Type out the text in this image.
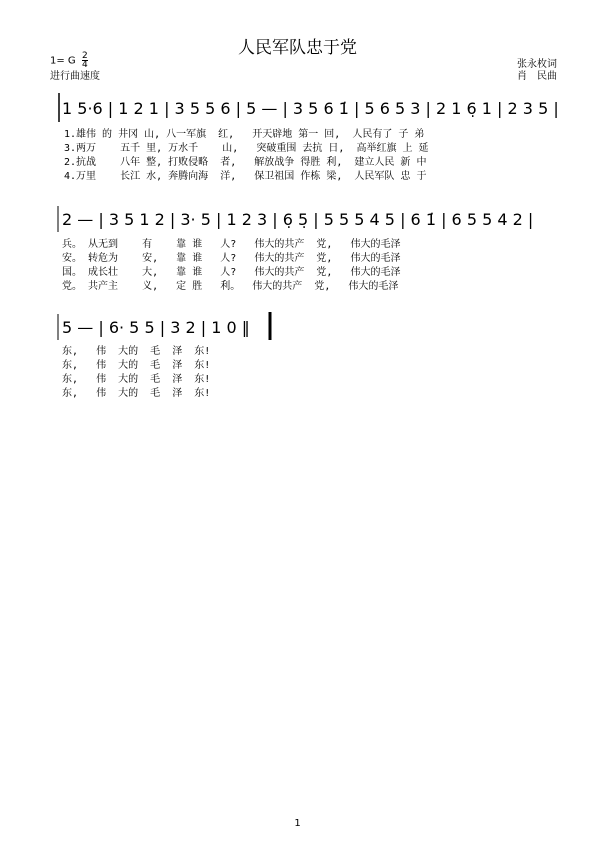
人民军队忠于党
1= G $\frac{2}{4}$
进行曲速度
张永枚词
肖　民曲
1 5·6 | 1 2 1 | 3 5 5 6 | 5 — | 3 5 6 1̇ | 5 6 5 3 | 2 1 6̣ 1 | 2 3 5 |
1.雄伟 的 井冈 山, 八一军旗  红,   开天辟地 第一 回,  人民有了 子 弟
3.两万    五千 里, 万水千    山,   突破重围 去抗 日,  高举红旗 上 延
2.抗战    八年 整, 打败侵略  者,   解放战争 得胜 利,  建立人民 新 中
4.万里    长江 水, 奔腾向海  洋,   保卫祖国 作栋 梁,  人民军队 忠 于
2 — | 3 5 1 2 | 3· 5 | 1 2 3 | 6̣ 5̣ | 5 5 5 4 5 | 6 1̇ | 6 5 5 4 2 |
兵。 从无到    有    靠 谁   人?   伟大的共产  党,   伟大的毛泽
安。 转危为    安,   靠 谁   人?   伟大的共产  党,   伟大的毛泽
国。 成长壮    大,   靠 谁   人?   伟大的共产  党,   伟大的毛泽
党。 共产主    义,   定 胜   利。  伟大的共产  党,   伟大的毛泽
5 — | 6· 5 5 | 3 2 | 1 0 ‖
东,   伟  大的  毛  泽  东!
东,   伟  大的  毛  泽  东!
东,   伟  大的  毛  泽  东!
东,   伟  大的  毛  泽  东!
1
